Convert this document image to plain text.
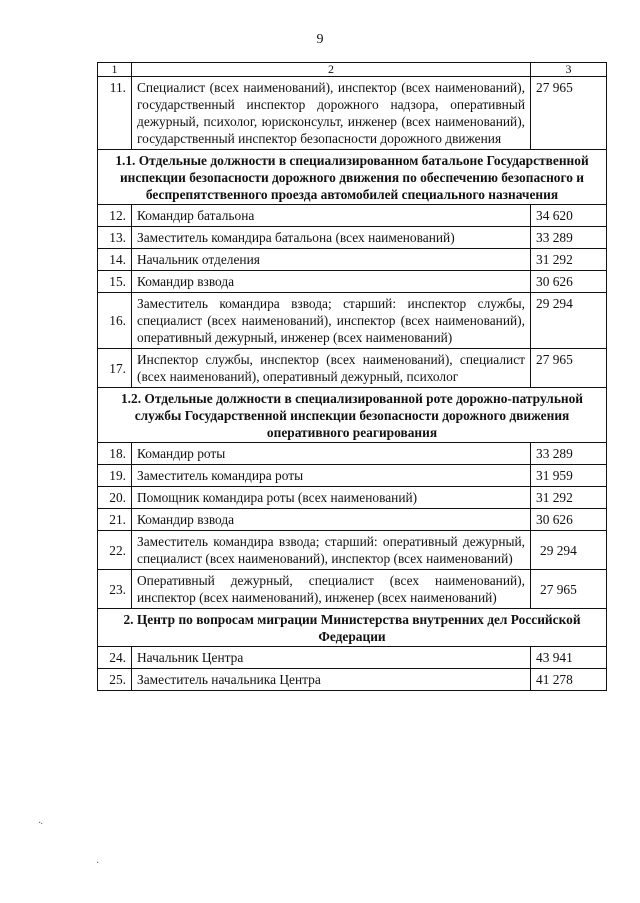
9
1	2	3
11.	Специалист (всех наименований), инспектор (всех наименований), государственный инспектор дорожного надзора, оперативный дежурный, психолог, юрисконсульт, инженер (всех наименований), государственный инспектор безопасности дорожного движения	27 965
1.1. Отдельные должности в специализированном батальоне Государственной инспекции безопасности дорожного движения по обеспечению безопасного и беспрепятственного проезда автомобилей специального назначения		
12.	Командир батальона	34 620
13.	Заместитель командира батальона (всех наименований)	33 289
14.	Начальник отделения	31 292
15.	Командир взвода	30 626
16.	Заместитель командира взвода; старший: инспектор службы, специалист (всех наименований), инспектор (всех наименований), оперативный дежурный, инженер (всех наименований)	29 294
17.	Инспектор службы, инспектор (всех наименований), специалист (всех наименований), оперативный дежурный, психолог	27 965
1.2. Отдельные должности в специализированной роте дорожно-патрульной службы Государственной инспекции безопасности дорожного движения оперативного реагирования		
18.	Командир роты	33 289
19.	Заместитель командира роты	31 959
20.	Помощник командира роты (всех наименований)	31 292
21.	Командир взвода	30 626
22.	Заместитель командира взвода; старший: оперативный дежурный, специалист (всех наименований), инспектор (всех наименований)	29 294
23.	Оперативный дежурный, специалист (всех наименований), инспектор (всех наименований), инженер (всех наименований)	27 965
2. Центр по вопросам миграции Министерства внутренних дел Российской Федерации		
24.	Начальник Центра	43 941
25.	Заместитель начальника Центра	41 278
·
˙
·
